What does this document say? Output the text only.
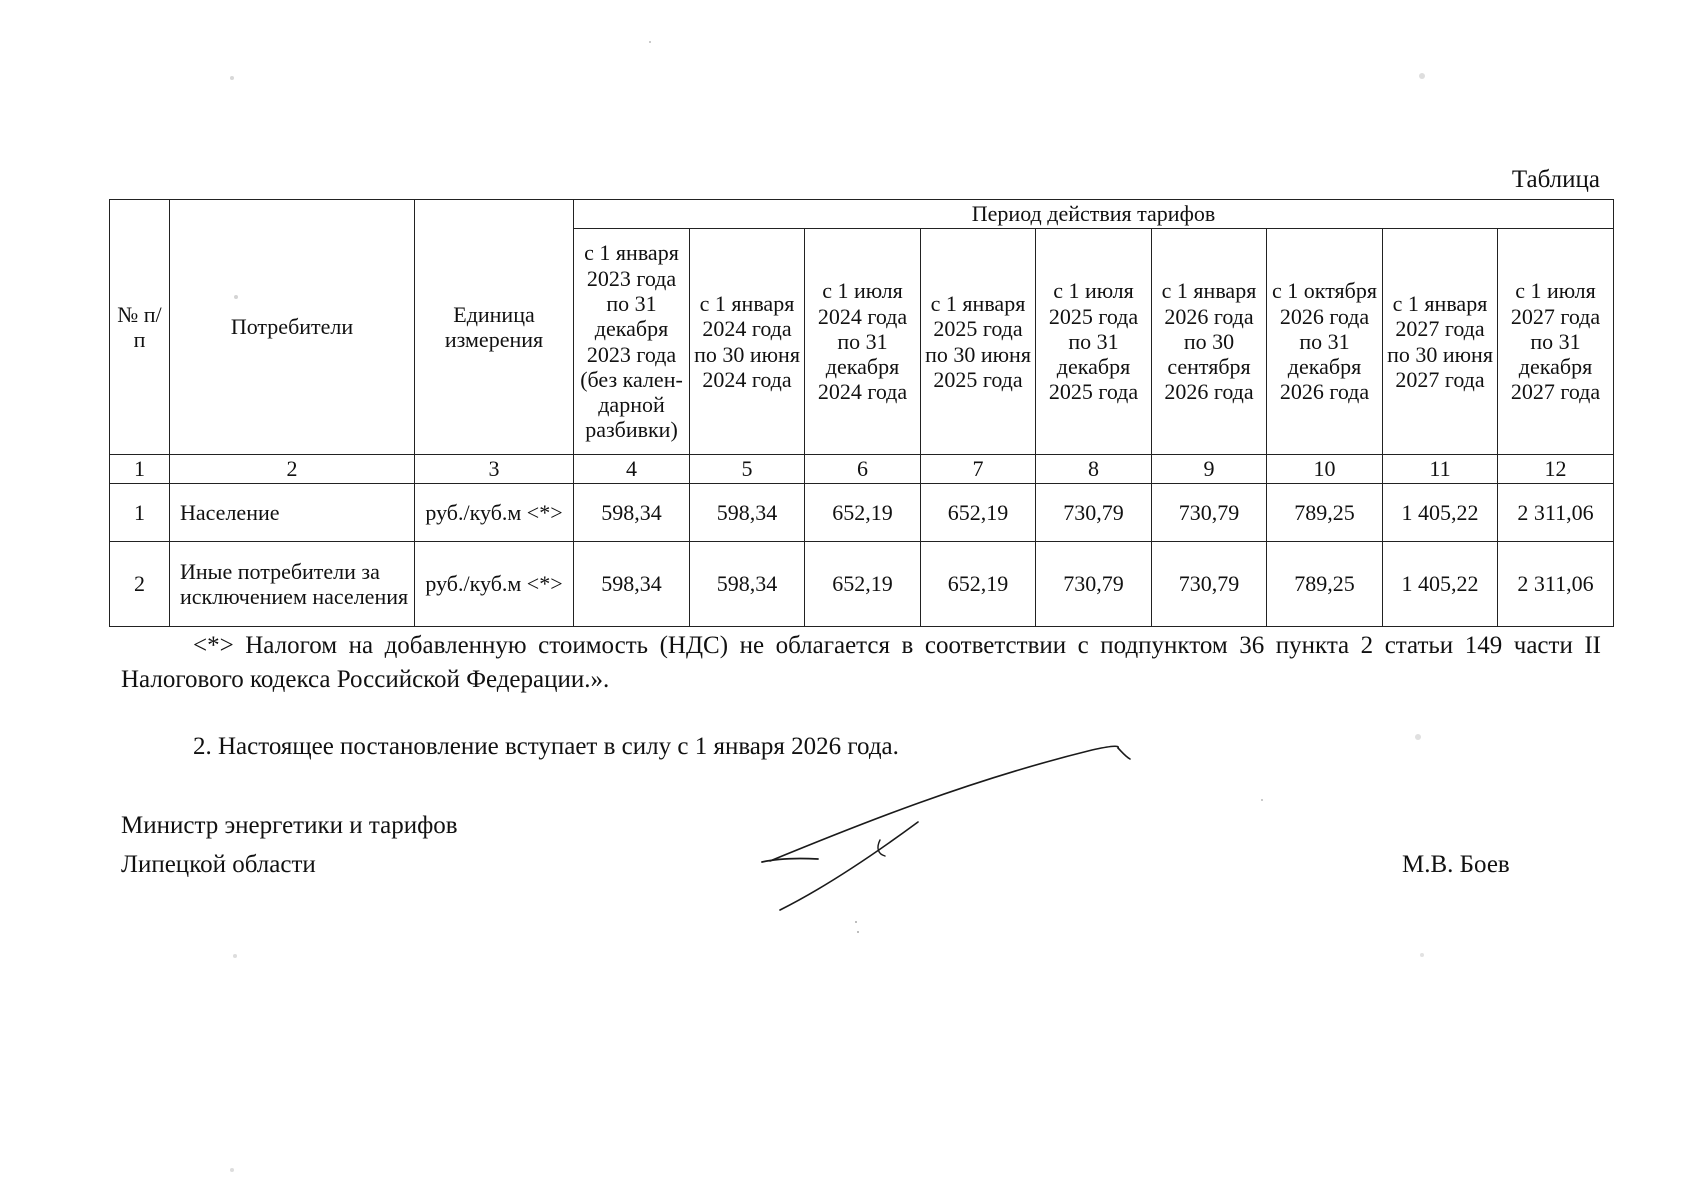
Таблица
№ п/п	Потребители	Единица измерения	Период действия тарифов								
			с 1 января 2023 года по 31 декабря 2023 года (без кален-дарной разбивки)	с 1 января 2024 года по 30 июня 2024 года	с 1 июля 2024 года по 31 декабря 2024 года	с 1 января 2025 года по 30 июня 2025 года	с 1 июля 2025 года по 31 декабря 2025 года	с 1 января 2026 года по 30 сентября 2026 года	с 1 октября 2026 года по 31 декабря 2026 года	с 1 января 2027 года по 30 июня 2027 года	с 1 июля 2027 года по 31 декабря 2027 года
1	2	3	4	5	6	7	8	9	10	11	12
1	Население	руб./куб.м <*>	598,34	598,34	652,19	652,19	730,79	730,79	789,25	1 405,22	2 311,06
2	Иные потребители за исключением населения	руб./куб.м <*>	598,34	598,34	652,19	652,19	730,79	730,79	789,25	1 405,22	2 311,06
<*> Налогом на добавленную стоимость (НДС) не облагается в соответствии с подпунктом 36 пункта 2 статьи 149 части II Налогового кодекса Российской Федерации.».
2. Настоящее постановление вступает в силу с 1 января 2026 года.
Министр энергетики и тарифов
Липецкой области	М.В. Боев
